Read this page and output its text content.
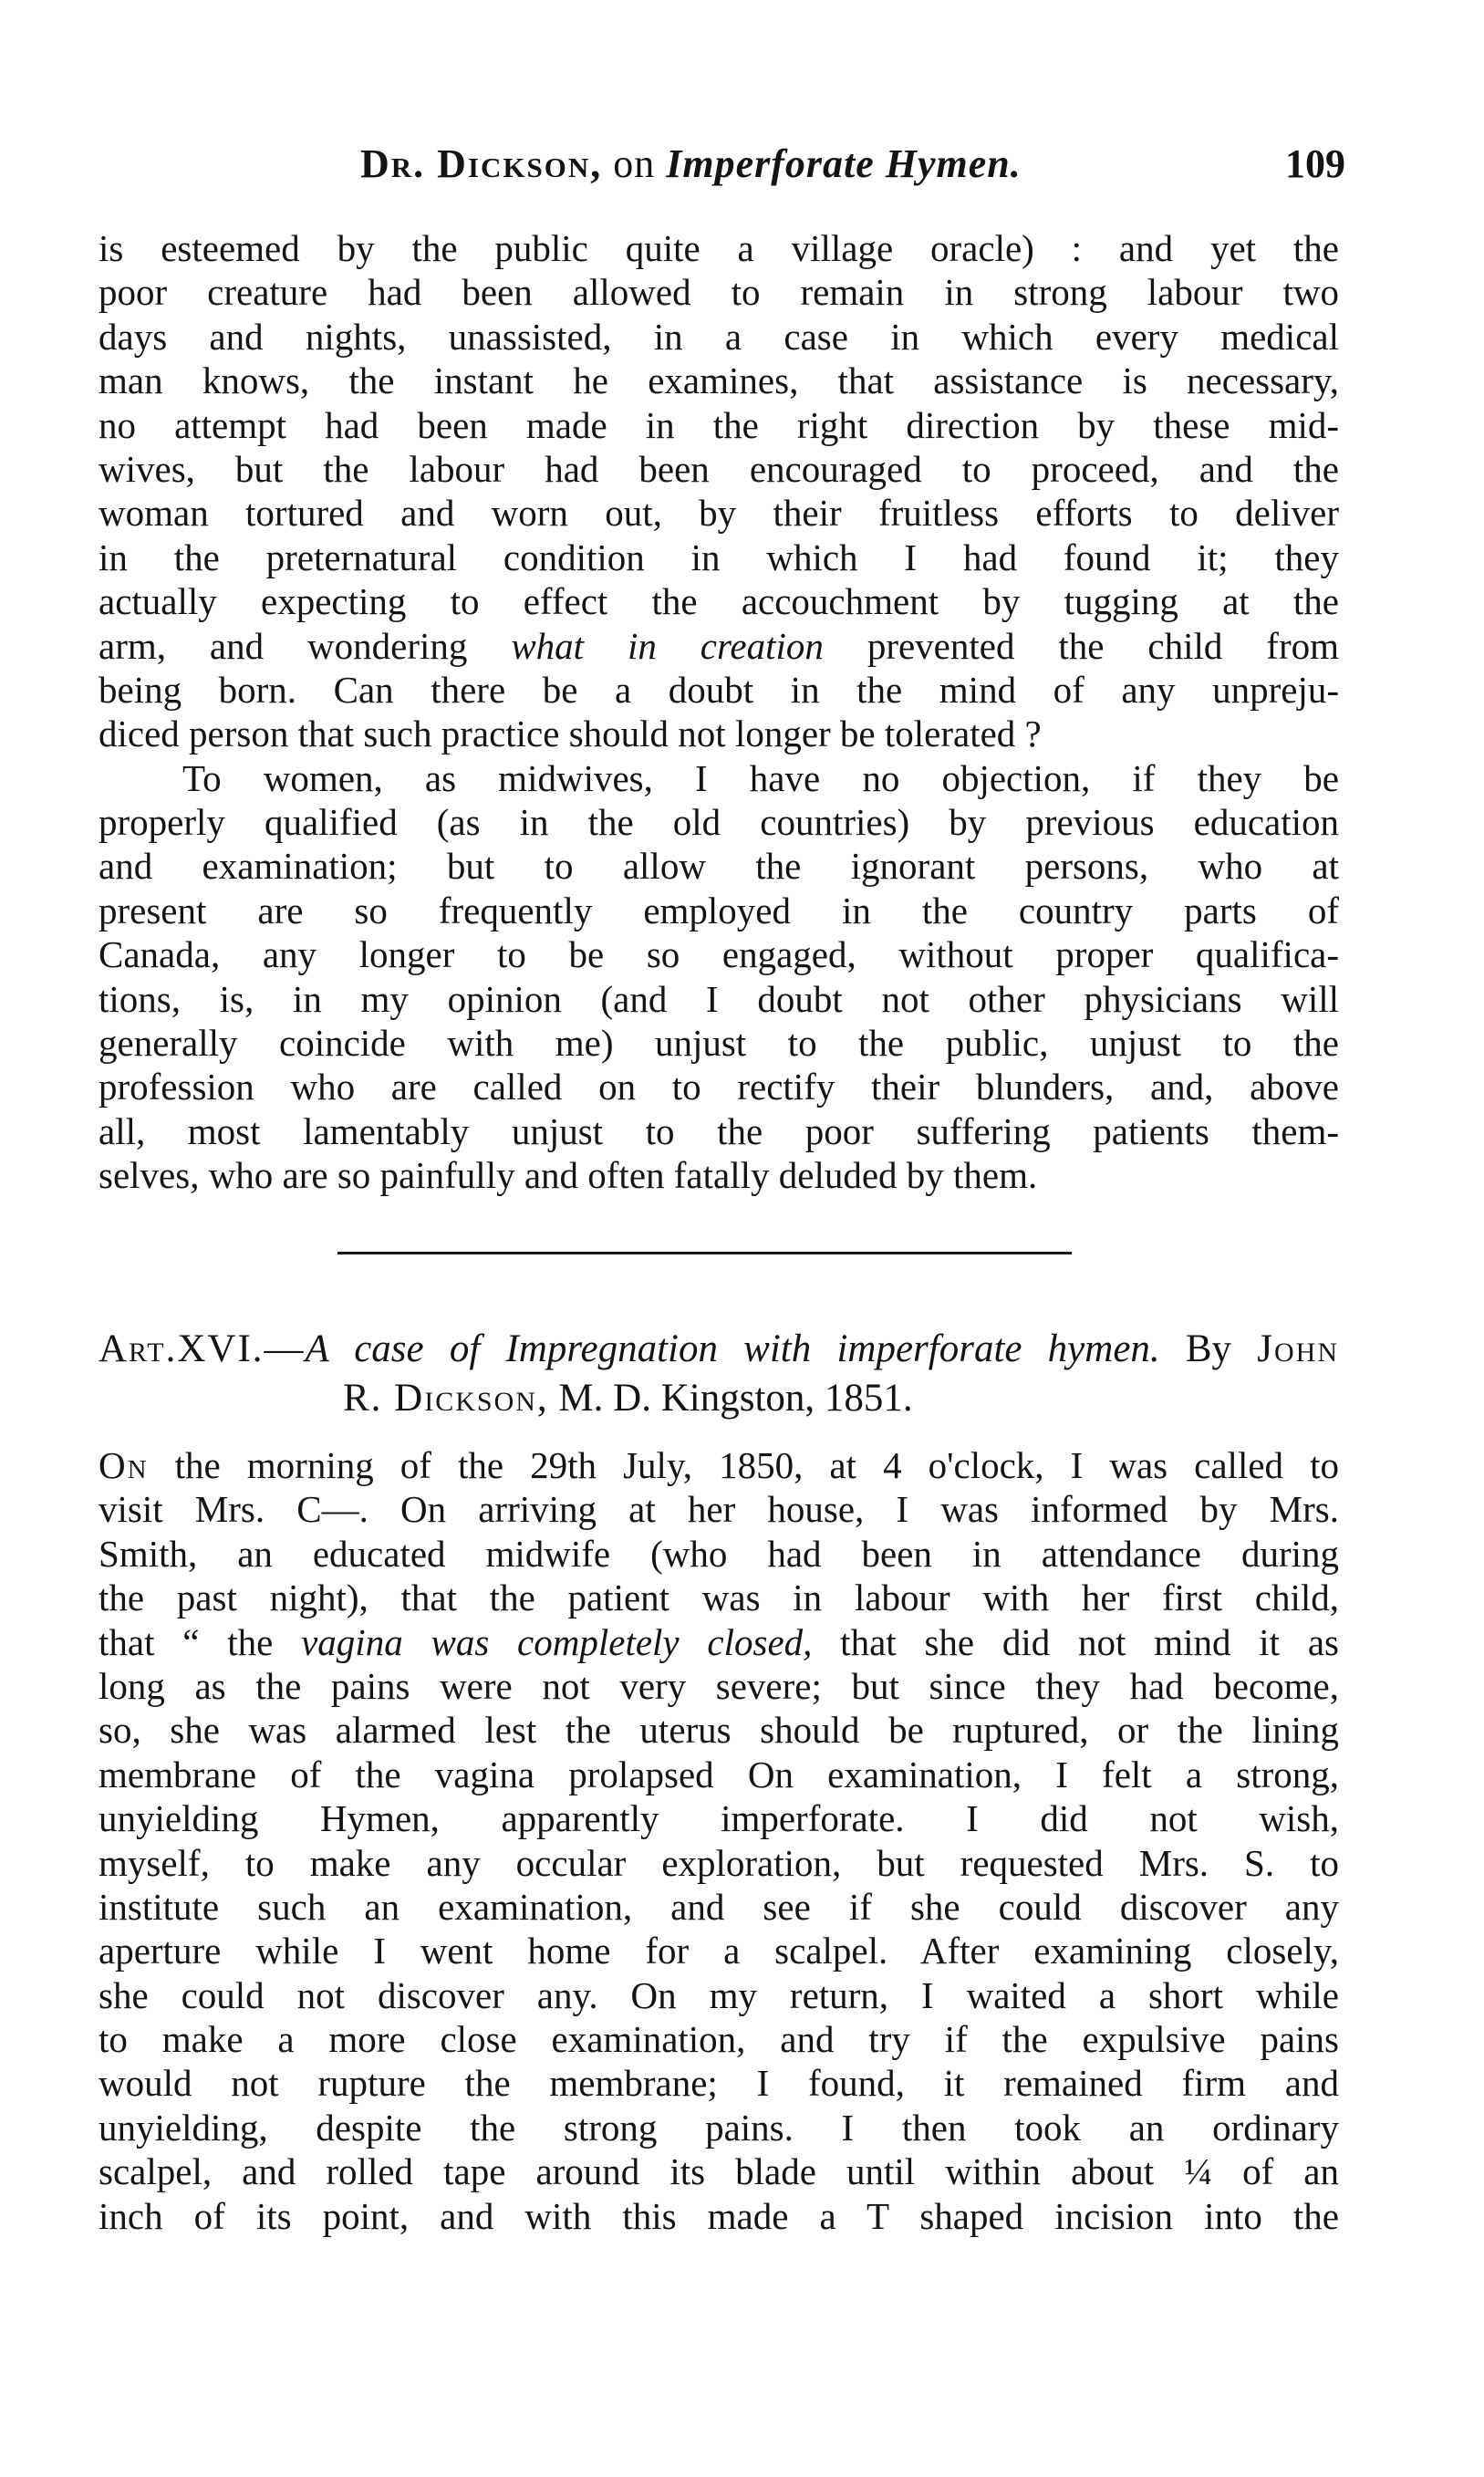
Dr. Dickson, on Imperforate Hymen.	109
is esteemed by the public quite a village oracle) : and yet the
poor creature had been allowed to remain in strong labour two
days and nights, unassisted, in a case in which every medical
man knows, the instant he examines, that assistance is necessary,
no attempt had been made in the right direction by these mid-
wives, but the labour had been encouraged to proceed, and the
woman tortured and worn out, by their fruitless efforts to deliver
in the preternatural condition in which I had found it; they
actually expecting to effect the accouchment by tugging at the
arm, and wondering what in creation prevented the child from
being born. Can there be a doubt in the mind of any unpreju-
diced person that such practice should not longer be tolerated ?
To women, as midwives, I have no objection, if they be
properly qualified (as in the old countries) by previous education
and examination; but to allow the ignorant persons, who at
present are so frequently employed in the country parts of
Canada, any longer to be so engaged, without proper qualifica-
tions, is, in my opinion (and I doubt not other physicians will
generally coincide with me) unjust to the public, unjust to the
profession who are called on to rectify their blunders, and, above
all, most lamentably unjust to the poor suffering patients them-
selves, who are so painfully and often fatally deluded by them.
Art.XVI.—A case of Impregnation with imperforate hymen. By John
R. Dickson, M. D. Kingston, 1851.
On the morning of the 29th July, 1850, at 4 o'clock, I was called to
visit Mrs. C—. On arriving at her house, I was informed by Mrs.
Smith, an educated midwife (who had been in attendance during
the past night), that the patient was in labour with her first child,
that “ the vagina was completely closed, that she did not mind it as
long as the pains were not very severe; but since they had become,
so, she was alarmed lest the uterus should be ruptured, or the lining
membrane of the vagina prolapsed On examination, I felt a strong,
unyielding Hymen, apparently imperforate. I did not wish,
myself, to make any occular exploration, but requested Mrs. S. to
institute such an examination, and see if she could discover any
aperture while I went home for a scalpel. After examining closely,
she could not discover any. On my return, I waited a short while
to make a more close examination, and try if the expulsive pains
would not rupture the membrane; I found, it remained firm and
unyielding, despite the strong pains. I then took an ordinary
scalpel, and rolled tape around its blade until within about ¼ of an
inch of its point, and with this made a T shaped incision into the
